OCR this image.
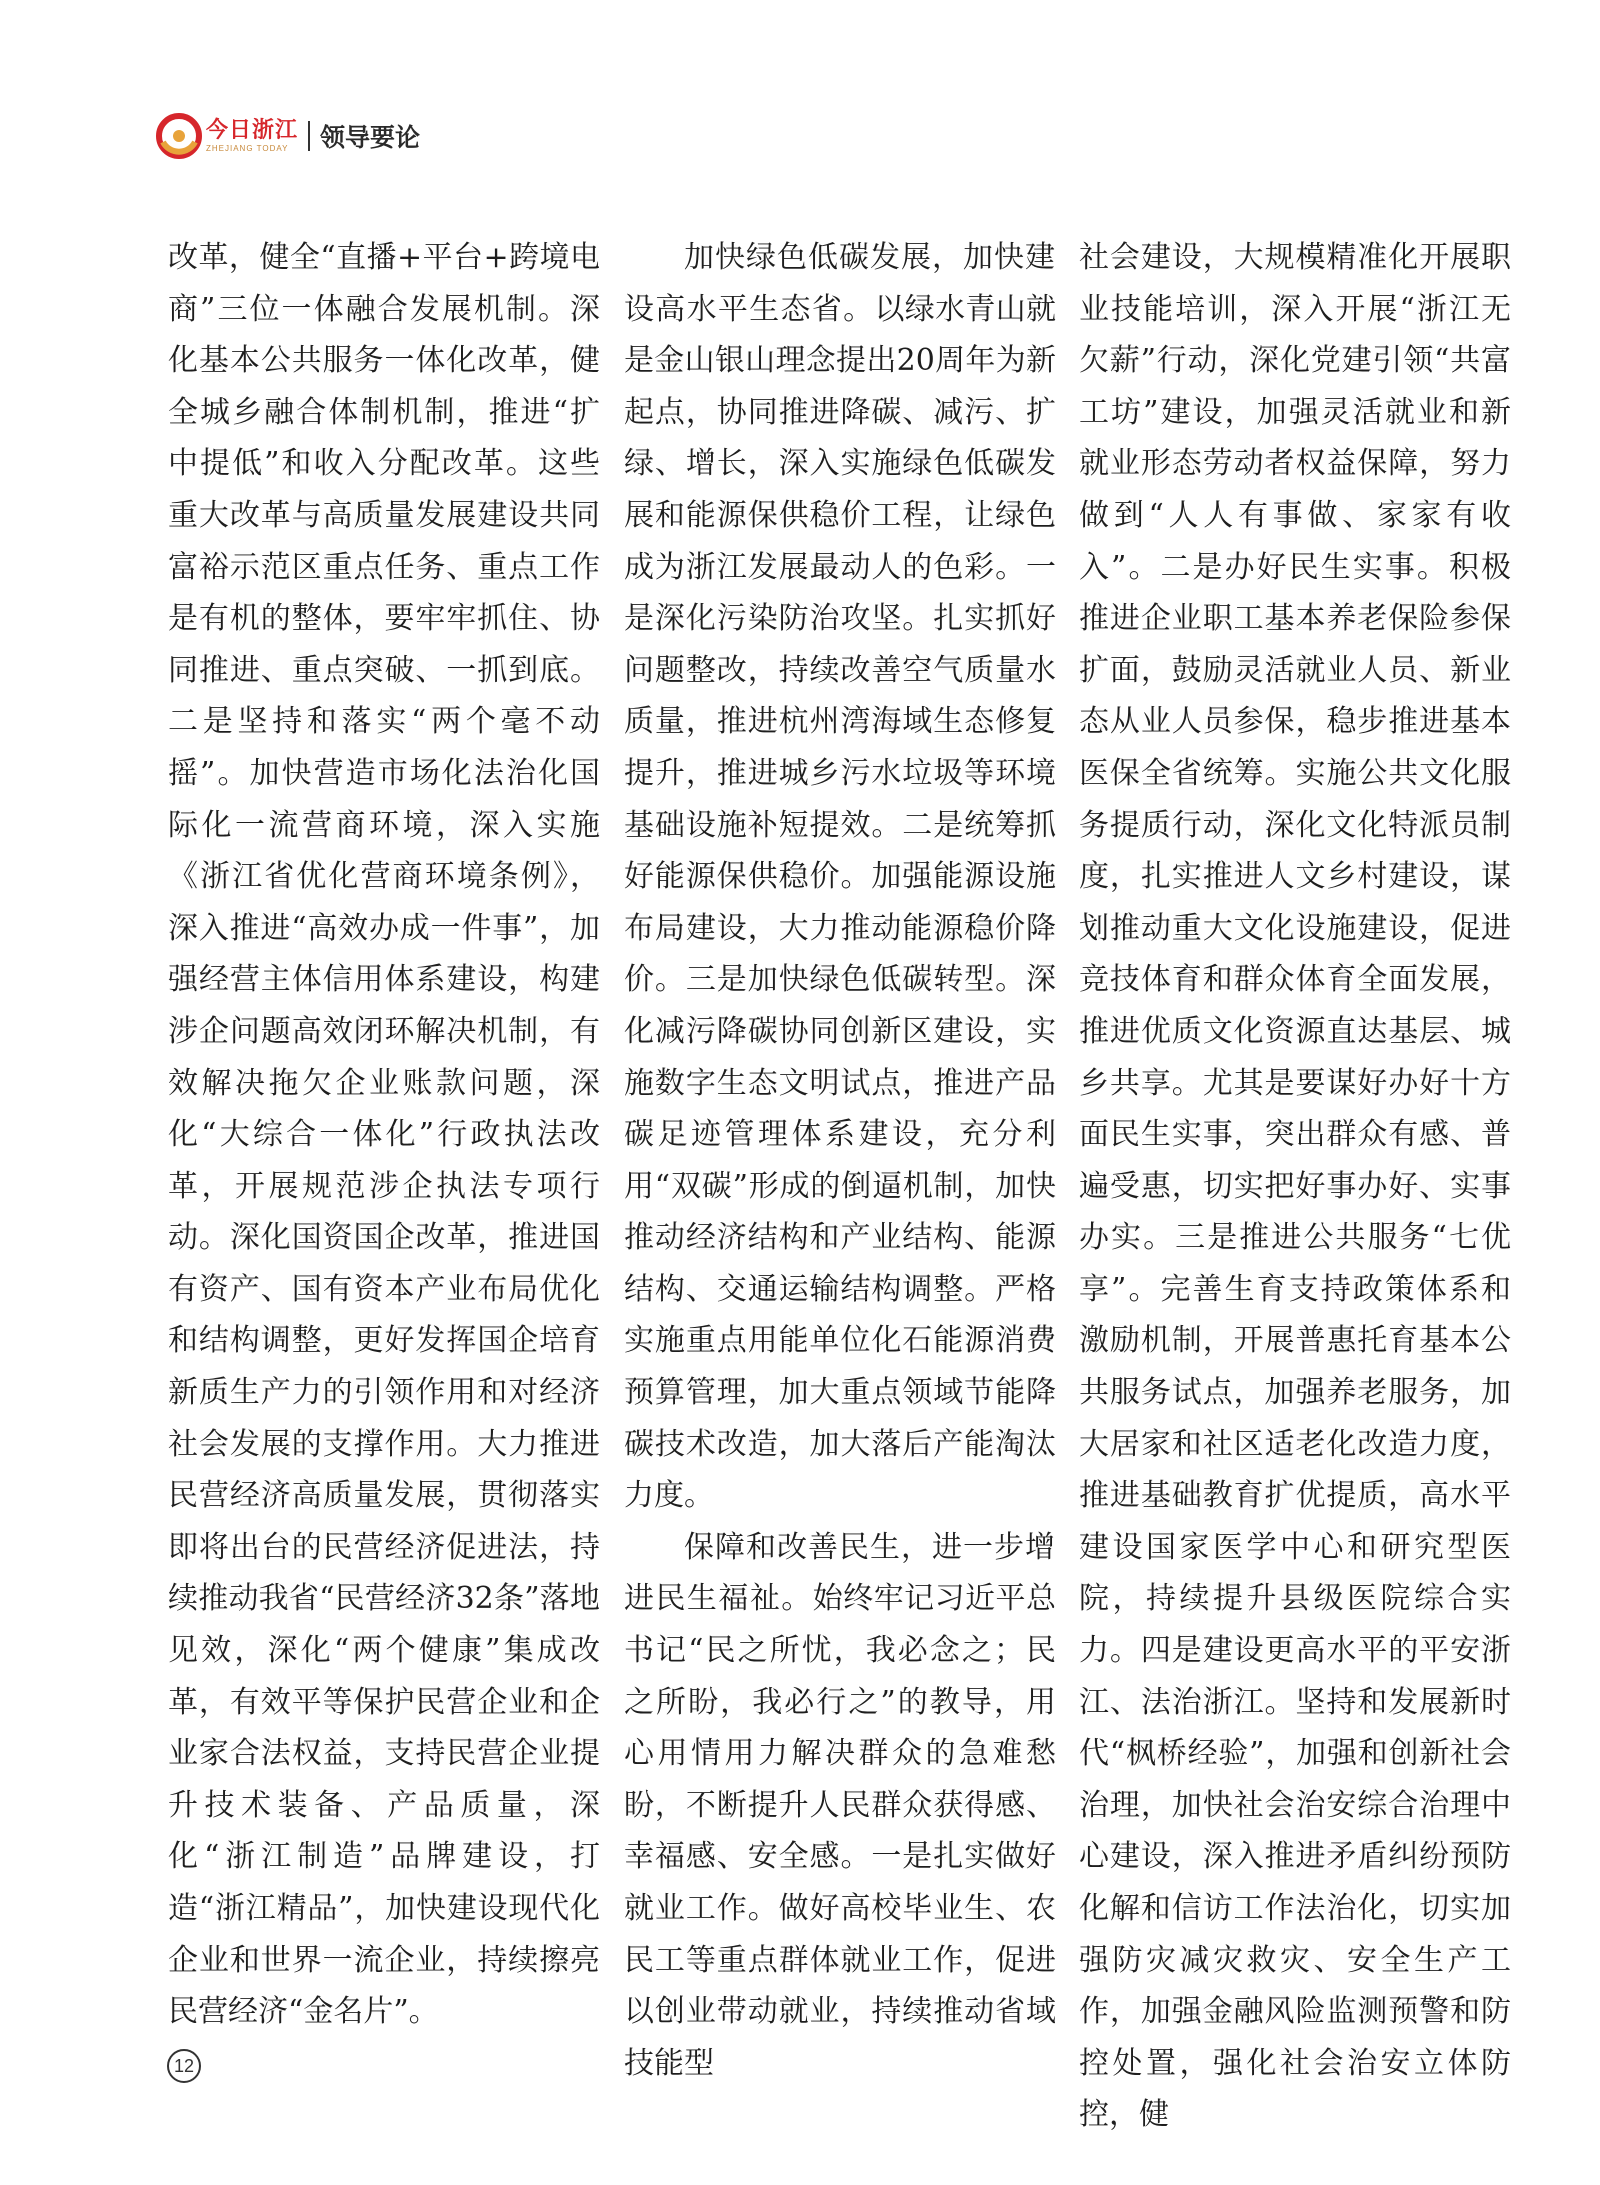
今日浙江
ZHEJIANG TODAY	领导要论

改革，健全“直播+平台+跨境电商”三位一体融合发展机制。深化基本公共服务一体化改革，健全城乡融合体制机制，推进“扩中提低”和收入分配改革。这些重大改革与高质量发展建设共同富裕示范区重点任务、重点工作是有机的整体，要牢牢抓住、协同推进、重点突破、一抓到底。二是坚持和落实“两个毫不动摇”。加快营造市场化法治化国际化一流营商环境，深入实施《浙江省优化营商环境条例》，深入推进“高效办成一件事”，加强经营主体信用体系建设，构建涉企问题高效闭环解决机制，有效解决拖欠企业账款问题，深化“大综合一体化”行政执法改革，开展规范涉企执法专项行动。深化国资国企改革，推进国有资产、国有资本产业布局优化和结构调整，更好发挥国企培育新质生产力的引领作用和对经济社会发展的支撑作用。大力推进民营经济高质量发展，贯彻落实即将出台的民营经济促进法，持续推动我省“民营经济32条”落地见效，深化“两个健康”集成改革，有效平等保护民营企业和企业家合法权益，支持民营企业提升技术装备、产品质量，深化“浙江制造”品牌建设，打造“浙江精品”，加快建设现代化企业和世界一流企业，持续擦亮民营经济“金名片”。

加快绿色低碳发展，加快建设高水平生态省。以绿水青山就是金山银山理念提出20周年为新起点，协同推进降碳、减污、扩绿、增长，深入实施绿色低碳发展和能源保供稳价工程，让绿色成为浙江发展最动人的色彩。一是深化污染防治攻坚。扎实抓好问题整改，持续改善空气质量水质量，推进杭州湾海域生态修复提升，推进城乡污水垃圾等环境基础设施补短提效。二是统筹抓好能源保供稳价。加强能源设施布局建设，大力推动能源稳价降价。三是加快绿色低碳转型。深化减污降碳协同创新区建设，实施数字生态文明试点，推进产品碳足迹管理体系建设，充分利用“双碳”形成的倒逼机制，加快推动经济结构和产业结构、能源结构、交通运输结构调整。严格实施重点用能单位化石能源消费预算管理，加大重点领域节能降碳技术改造，加大落后产能淘汰力度。

保障和改善民生，进一步增进民生福祉。始终牢记习近平总书记“民之所忧，我必念之；民之所盼，我必行之”的教导，用心用情用力解决群众的急难愁盼，不断提升人民群众获得感、幸福感、安全感。一是扎实做好就业工作。做好高校毕业生、农民工等重点群体就业工作，促进以创业带动就业，持续推动省域技能型

社会建设，大规模精准化开展职业技能培训，深入开展“浙江无欠薪”行动，深化党建引领“共富工坊”建设，加强灵活就业和新就业形态劳动者权益保障，努力做到“人人有事做、家家有收入”。二是办好民生实事。积极推进企业职工基本养老保险参保扩面，鼓励灵活就业人员、新业态从业人员参保，稳步推进基本医保全省统筹。实施公共文化服务提质行动，深化文化特派员制度，扎实推进人文乡村建设，谋划推动重大文化设施建设，促进竞技体育和群众体育全面发展，推进优质文化资源直达基层、城乡共享。尤其是要谋好办好十方面民生实事，突出群众有感、普遍受惠，切实把好事办好、实事办实。三是推进公共服务“七优享”。完善生育支持政策体系和激励机制，开展普惠托育基本公共服务试点，加强养老服务，加大居家和社区适老化改造力度，推进基础教育扩优提质，高水平建设国家医学中心和研究型医院，持续提升县级医院综合实力。四是建设更高水平的平安浙江、法治浙江。坚持和发展新时代“枫桥经验”，加强和创新社会治理，加快社会治安综合治理中心建设，深入推进矛盾纠纷预防化解和信访工作法治化，切实加强防灾减灾救灾、安全生产工作，加强金融风险监测预警和防控处置，强化社会治安立体防控，健

12
